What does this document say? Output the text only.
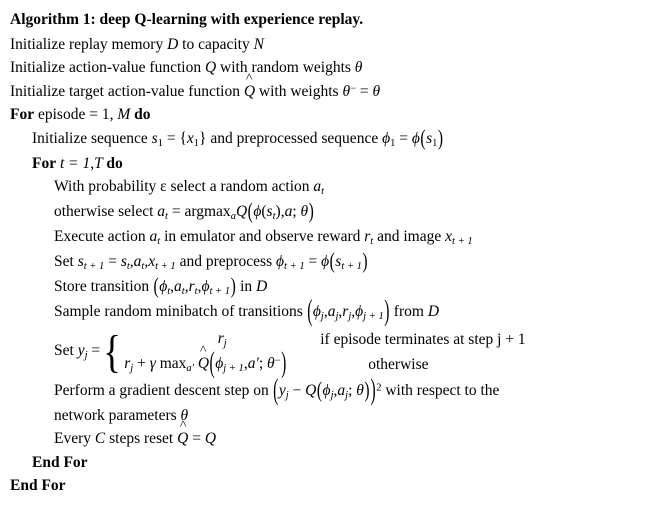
Algorithm 1: deep Q-learning with experience replay.
Initialize replay memory D to capacity N
Initialize action-value function Q with random weights θ
Initialize target action-value function ^ Q with weights θ− = θ
For episode = 1, M do
Initialize sequence $s_1 = \{x_1\}$ and preprocessed sequence $\phi_1 = \phi(s_1)$
For t = 1,T do
With probability ε select a random action $a_t$
otherwise select $a_t = argmax_aQ(\phi(s_t),a$; θ)
Execute action $a_t$ in emulator and observe reward $r_t$ and image $x_{t + 1}$
Set $s_{t + 1} = s_t,a_t,x_{t + 1}$ and preprocess $\phi_{t + 1} = \phi(s_{t + 1})$
Store transition $(\phi_t,a_t,r_t,\phi_{t + 1})$ in D
Sample random minibatch of transitions $(\phi_j,a_j,r_j,\phi_{j + 1})$ from D
Set $y_j$ = {	$r_j$	if episode terminates at step j + 1
$r_j + \gamma$ $\max_{a'}$ ^ $Q(\phi_{j + 1},a'$; θ−)	otherwise
Perform a gradient descent step on ($y_j - Q(\phi_j,a_j$; θ))$^2$ with respect to the
network parameters θ
Every C steps reset ^ Q = Q
End For
End For
